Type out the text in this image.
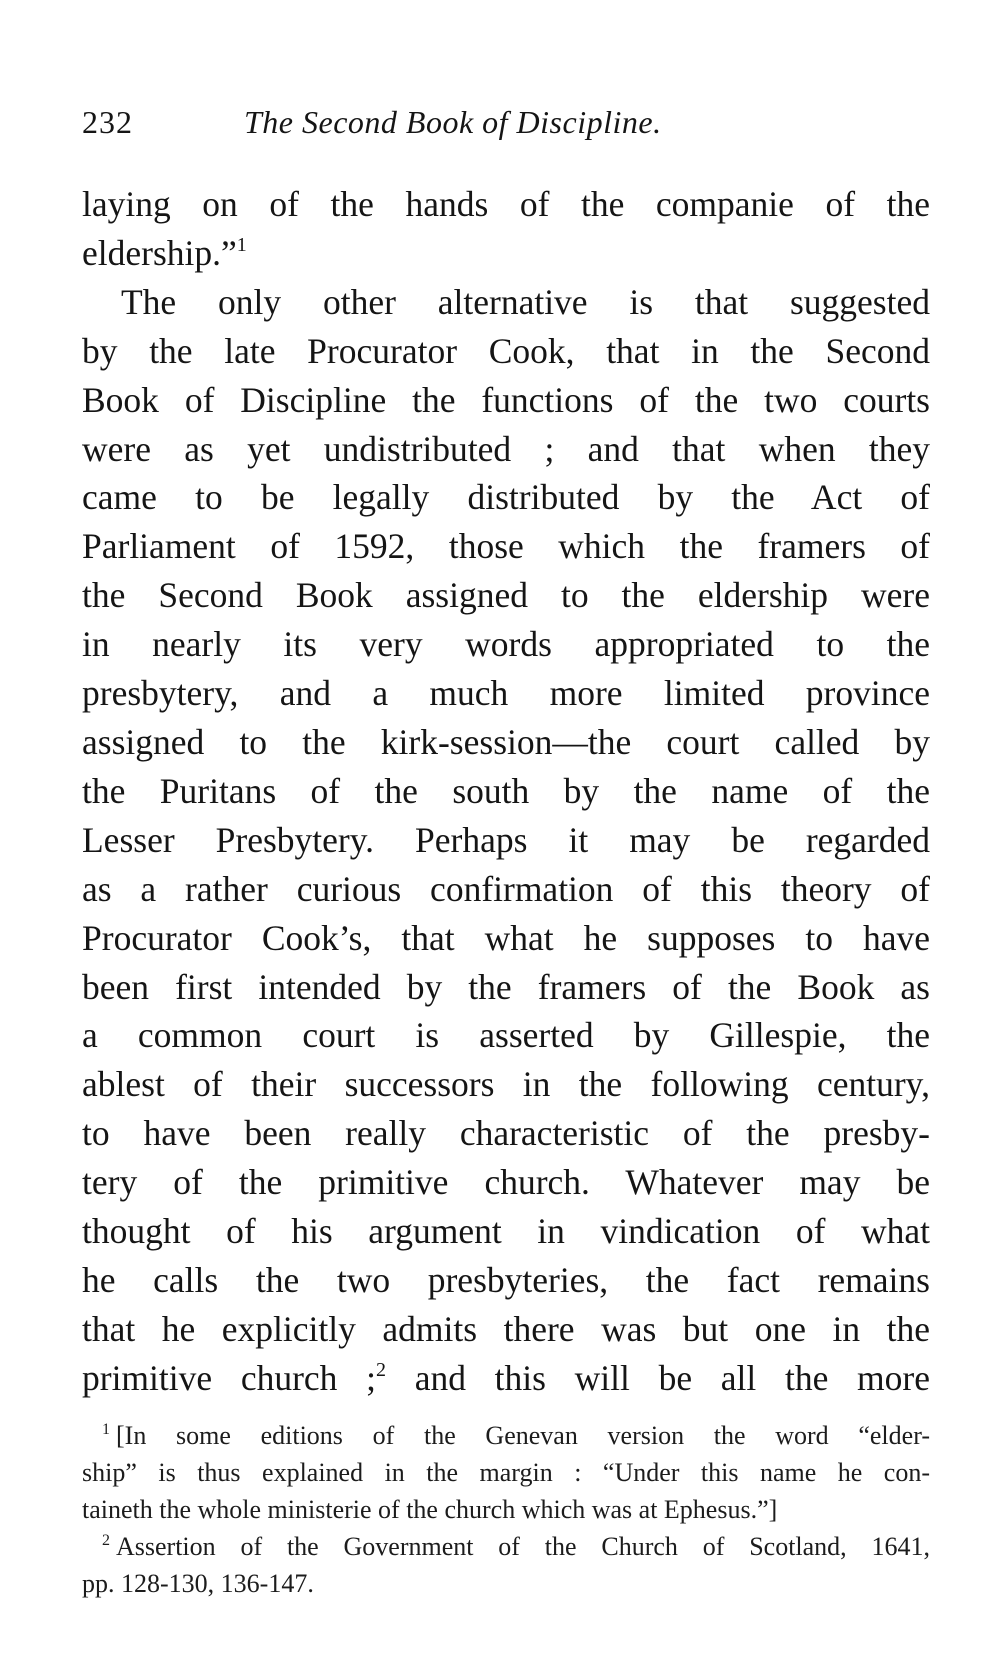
232	The Second Book of Discipline.
laying on of the hands of the companie of the
eldership.”$^1$
The only other alternative is that suggested
by the late Procurator Cook, that in the Second
Book of Discipline the functions of the two courts
were as yet undistributed ; and that when they
came to be legally distributed by the Act of
Parliament of 1592, those which the framers of
the Second Book assigned to the eldership were
in nearly its very words appropriated to the
presbytery, and a much more limited province
assigned to the kirk-session—the court called by
the Puritans of the south by the name of the
Lesser Presbytery. Perhaps it may be regarded
as a rather curious confirmation of this theory of
Procurator Cook’s, that what he supposes to have
been first intended by the framers of the Book as
a common court is asserted by Gillespie, the
ablest of their successors in the following century,
to have been really characteristic of the presby-
tery of the primitive church. Whatever may be
thought of his argument in vindication of what
he calls the two presbyteries, the fact remains
that he explicitly admits there was but one in the
primitive church ;$^2$ and this will be all the more
$^1$ [In some editions of the Genevan version the word “elder-
ship” is thus explained in the margin : “Under this name he con-
taineth the whole ministerie of the church which was at Ephesus.”]
$^2$ Assertion of the Government of the Church of Scotland, 1641,
pp. 128-130, 136-147.
